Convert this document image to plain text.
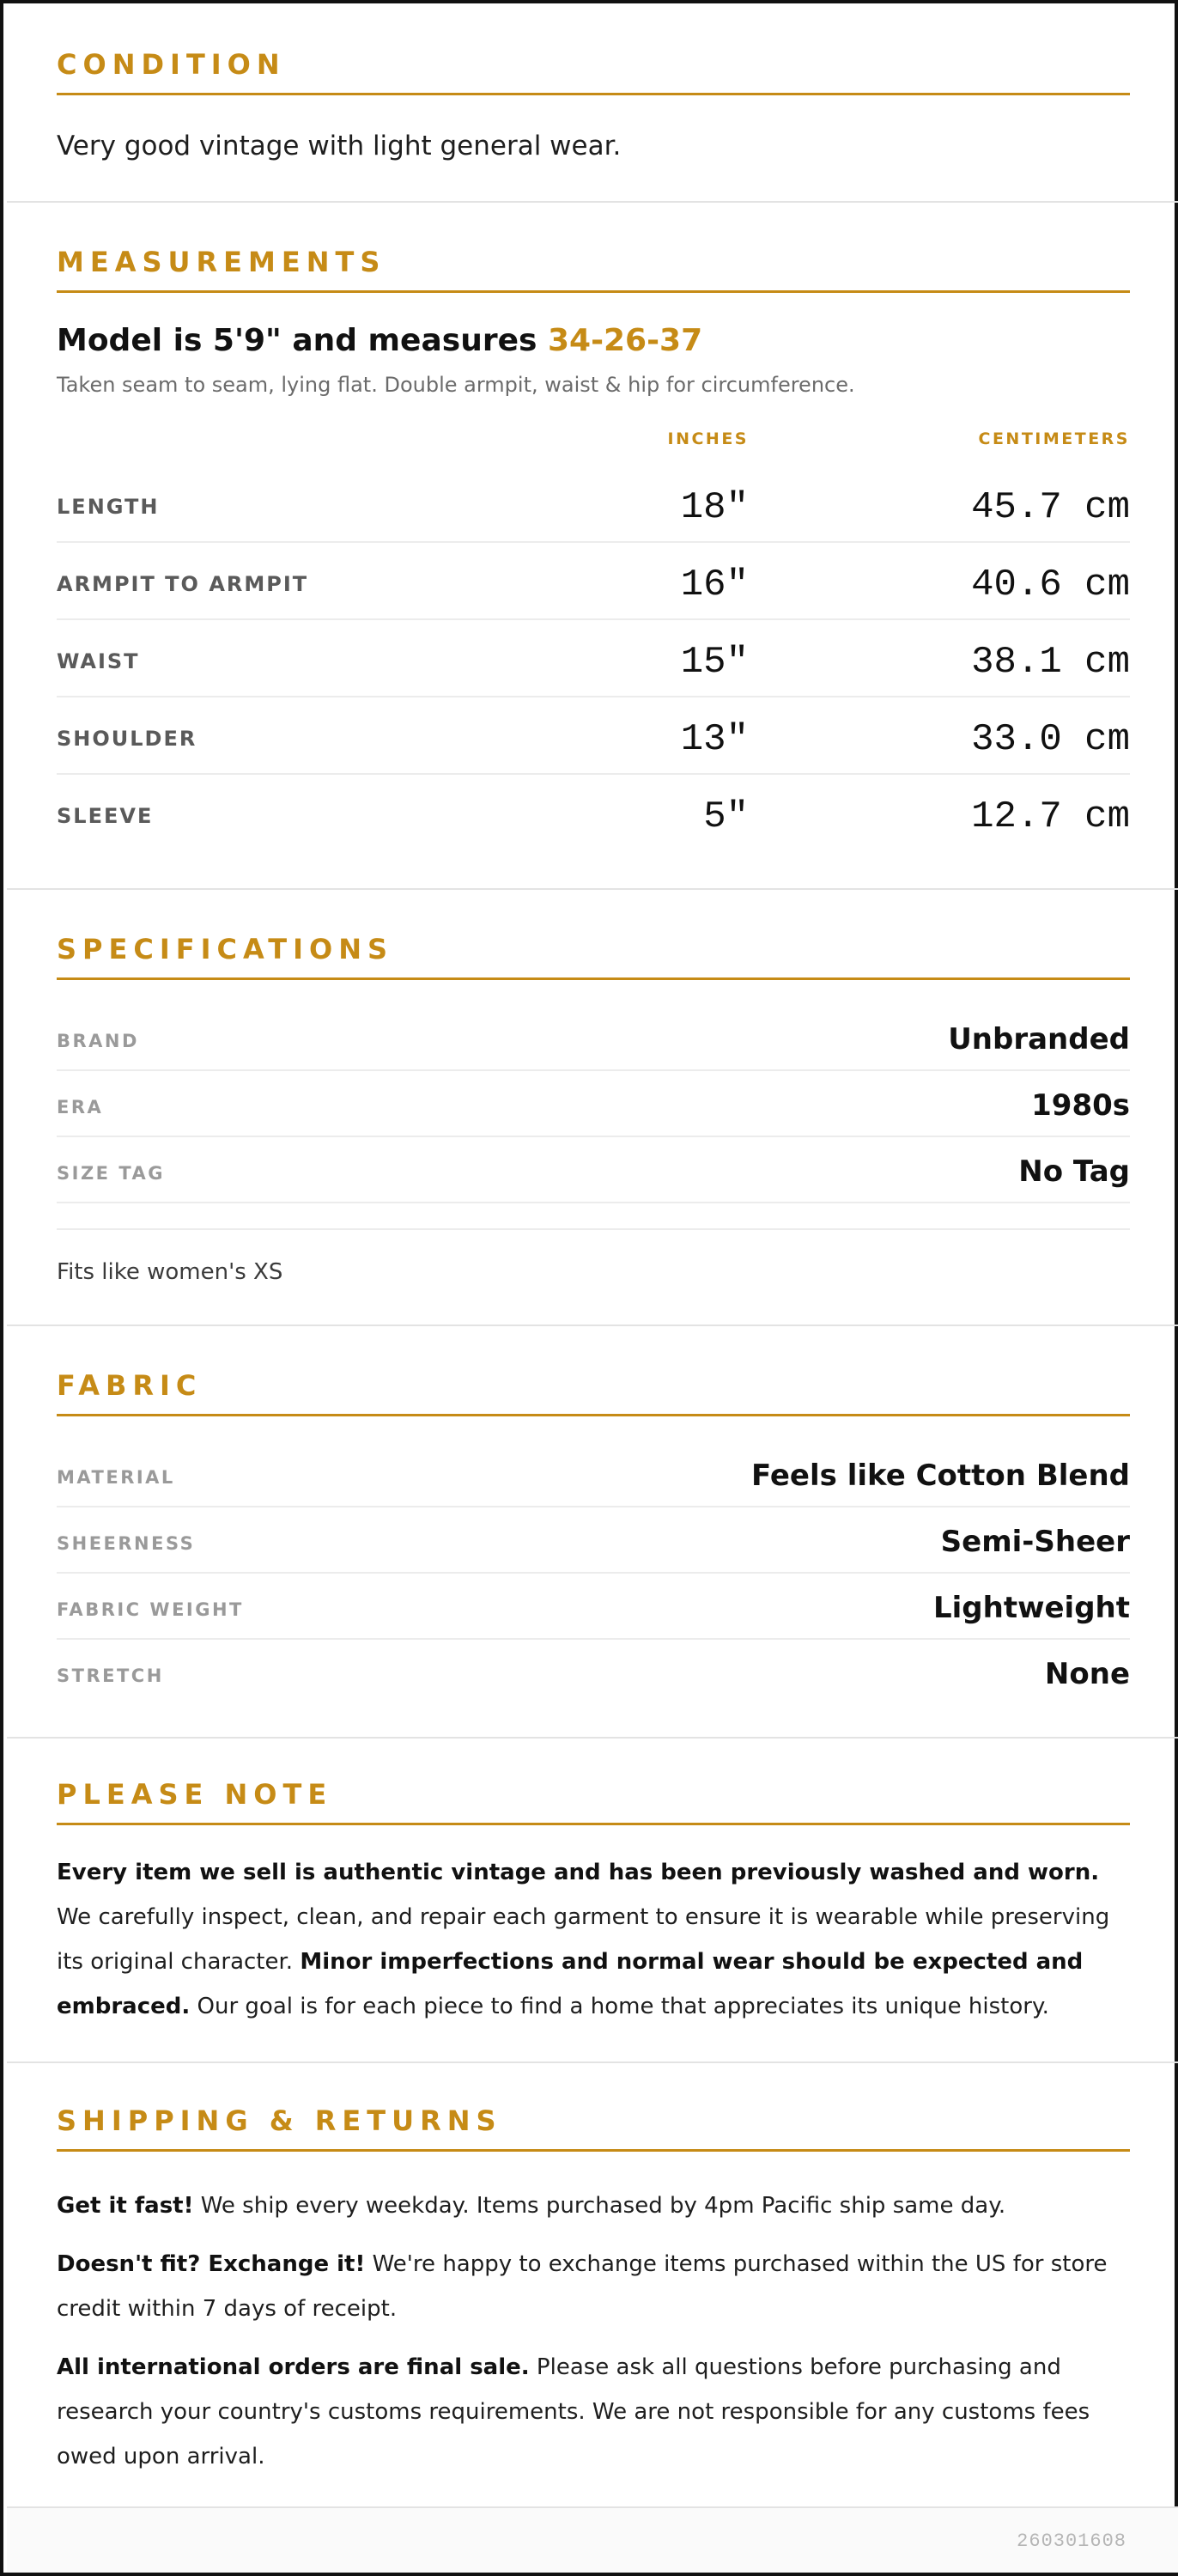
CONDITION
Very good vintage with light general wear.
MEASUREMENTS
Model is 5'9" and measures 34-26-37
Taken seam to seam, lying flat. Double armpit, waist & hip for circumference.
INCHES	CENTIMETERS
LENGTH	18"	45.7 cm
ARMPIT TO ARMPIT	16"	40.6 cm
WAIST	15"	38.1 cm
SHOULDER	13"	33.0 cm
SLEEVE	5"	12.7 cm
SPECIFICATIONS
BRAND	Unbranded
ERA	1980s
SIZE TAG	No Tag
Fits like women's XS
FABRIC
MATERIAL	Feels like Cotton Blend
SHEERNESS	Semi-Sheer
FABRIC WEIGHT	Lightweight
STRETCH	None
PLEASE NOTE
Every item we sell is authentic vintage and has been previously washed and worn. We carefully inspect, clean, and repair each garment to ensure it is wearable while preserving its original character. Minor imperfections and normal wear should be expected and embraced. Our goal is for each piece to find a home that appreciates its unique history.
SHIPPING & RETURNS
Get it fast! We ship every weekday. Items purchased by 4pm Pacific ship same day.
Doesn't fit? Exchange it! We're happy to exchange items purchased within the US for store credit within 7 days of receipt.
All international orders are final sale. Please ask all questions before purchasing and research your country's customs requirements. We are not responsible for any customs fees owed upon arrival.
260301608
